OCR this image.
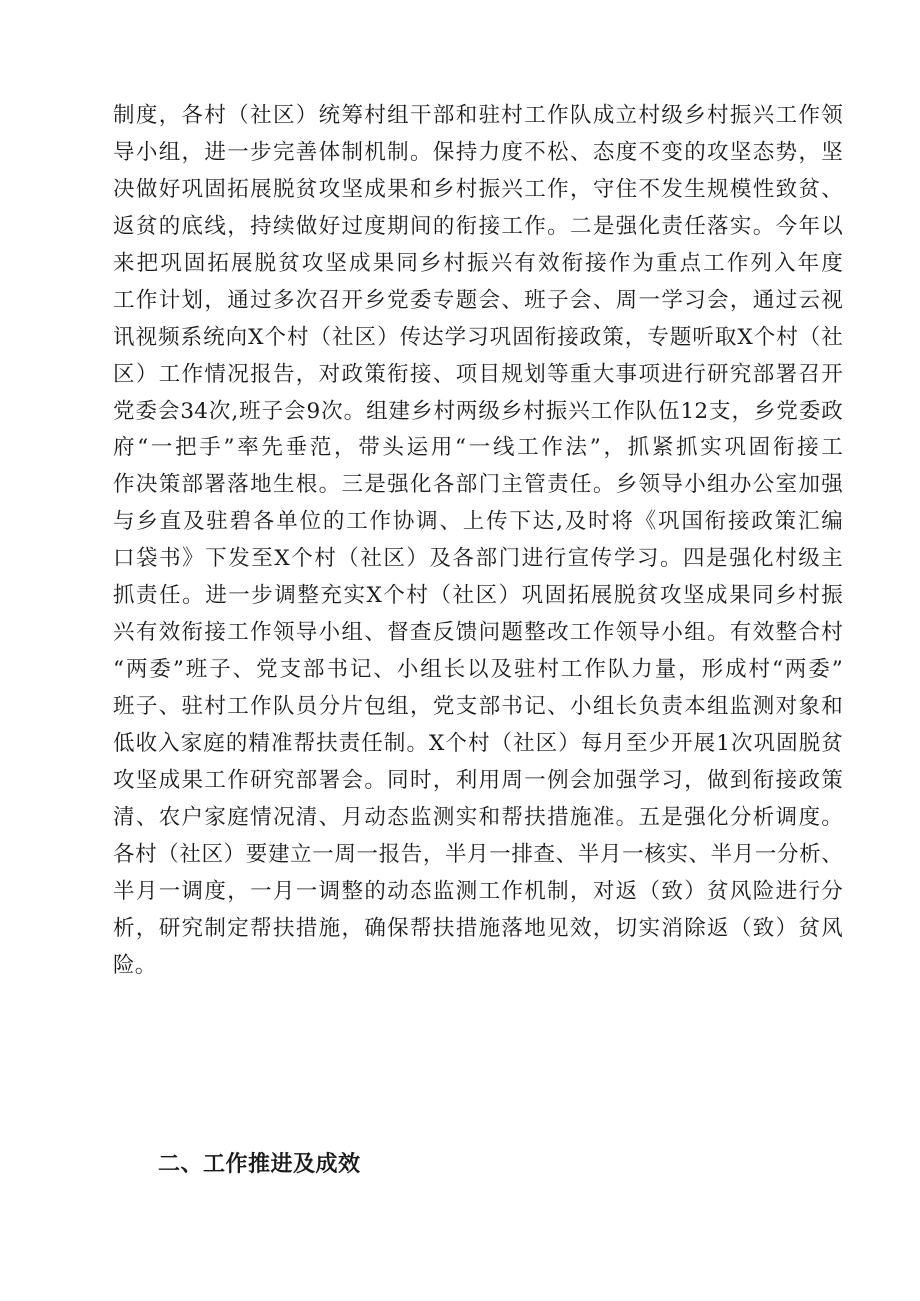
制度，各村（社区）统筹村组干部和驻村工作队成立村级乡村振兴工作领
导小组，进一步完善体制机制。保持力度不松、态度不变的攻坚态势，坚
决做好巩固拓展脱贫攻坚成果和乡村振兴工作，守住不发生规模性致贫、
返贫的底线，持续做好过度期间的衔接工作。二是强化责任落实。今年以
来把巩固拓展脱贫攻坚成果同乡村振兴有效衔接作为重点工作列入年度
工作计划，通过多次召开乡党委专题会、班子会、周一学习会，通过云视
讯视频系统向X个村（社区）传达学习巩固衔接政策，专题听取X个村（社
区）工作情况报告，对政策衔接、项目规划等重大事项进行研究部署召开
党委会34次,班子会9次。组建乡村两级乡村振兴工作队伍12支，乡党委政
府“一把手”率先垂范，带头运用“一线工作法”，抓紧抓实巩固衔接工
作决策部署落地生根。三是强化各部门主管责任。乡领导小组办公室加强
与乡直及驻碧各单位的工作协调、上传下达,及时将《巩国衔接政策汇编
口袋书》下发至X个村（社区）及各部门进行宣传学习。四是强化村级主
抓责任。进一步调整充实X个村（社区）巩固拓展脱贫攻坚成果同乡村振
兴有效衔接工作领导小组、督查反馈问题整改工作领导小组。有效整合村
“两委”班子、党支部书记、小组长以及驻村工作队力量，形成村“两委”
班子、驻村工作队员分片包组，党支部书记、小组长负责本组监测对象和
低收入家庭的精准帮扶责任制。X个村（社区）每月至少开展1次巩固脱贫
攻坚成果工作研究部署会。同时，利用周一例会加强学习，做到衔接政策
清、农户家庭情况清、月动态监测实和帮扶措施准。五是强化分析调度。
各村（社区）要建立一周一报告，半月一排查、半月一核实、半月一分析、
半月一调度，一月一调整的动态监测工作机制，对返（致）贫风险进行分
析，研究制定帮扶措施，确保帮扶措施落地见效，切实消除返（致）贫风
险。
二、工作推进及成效
